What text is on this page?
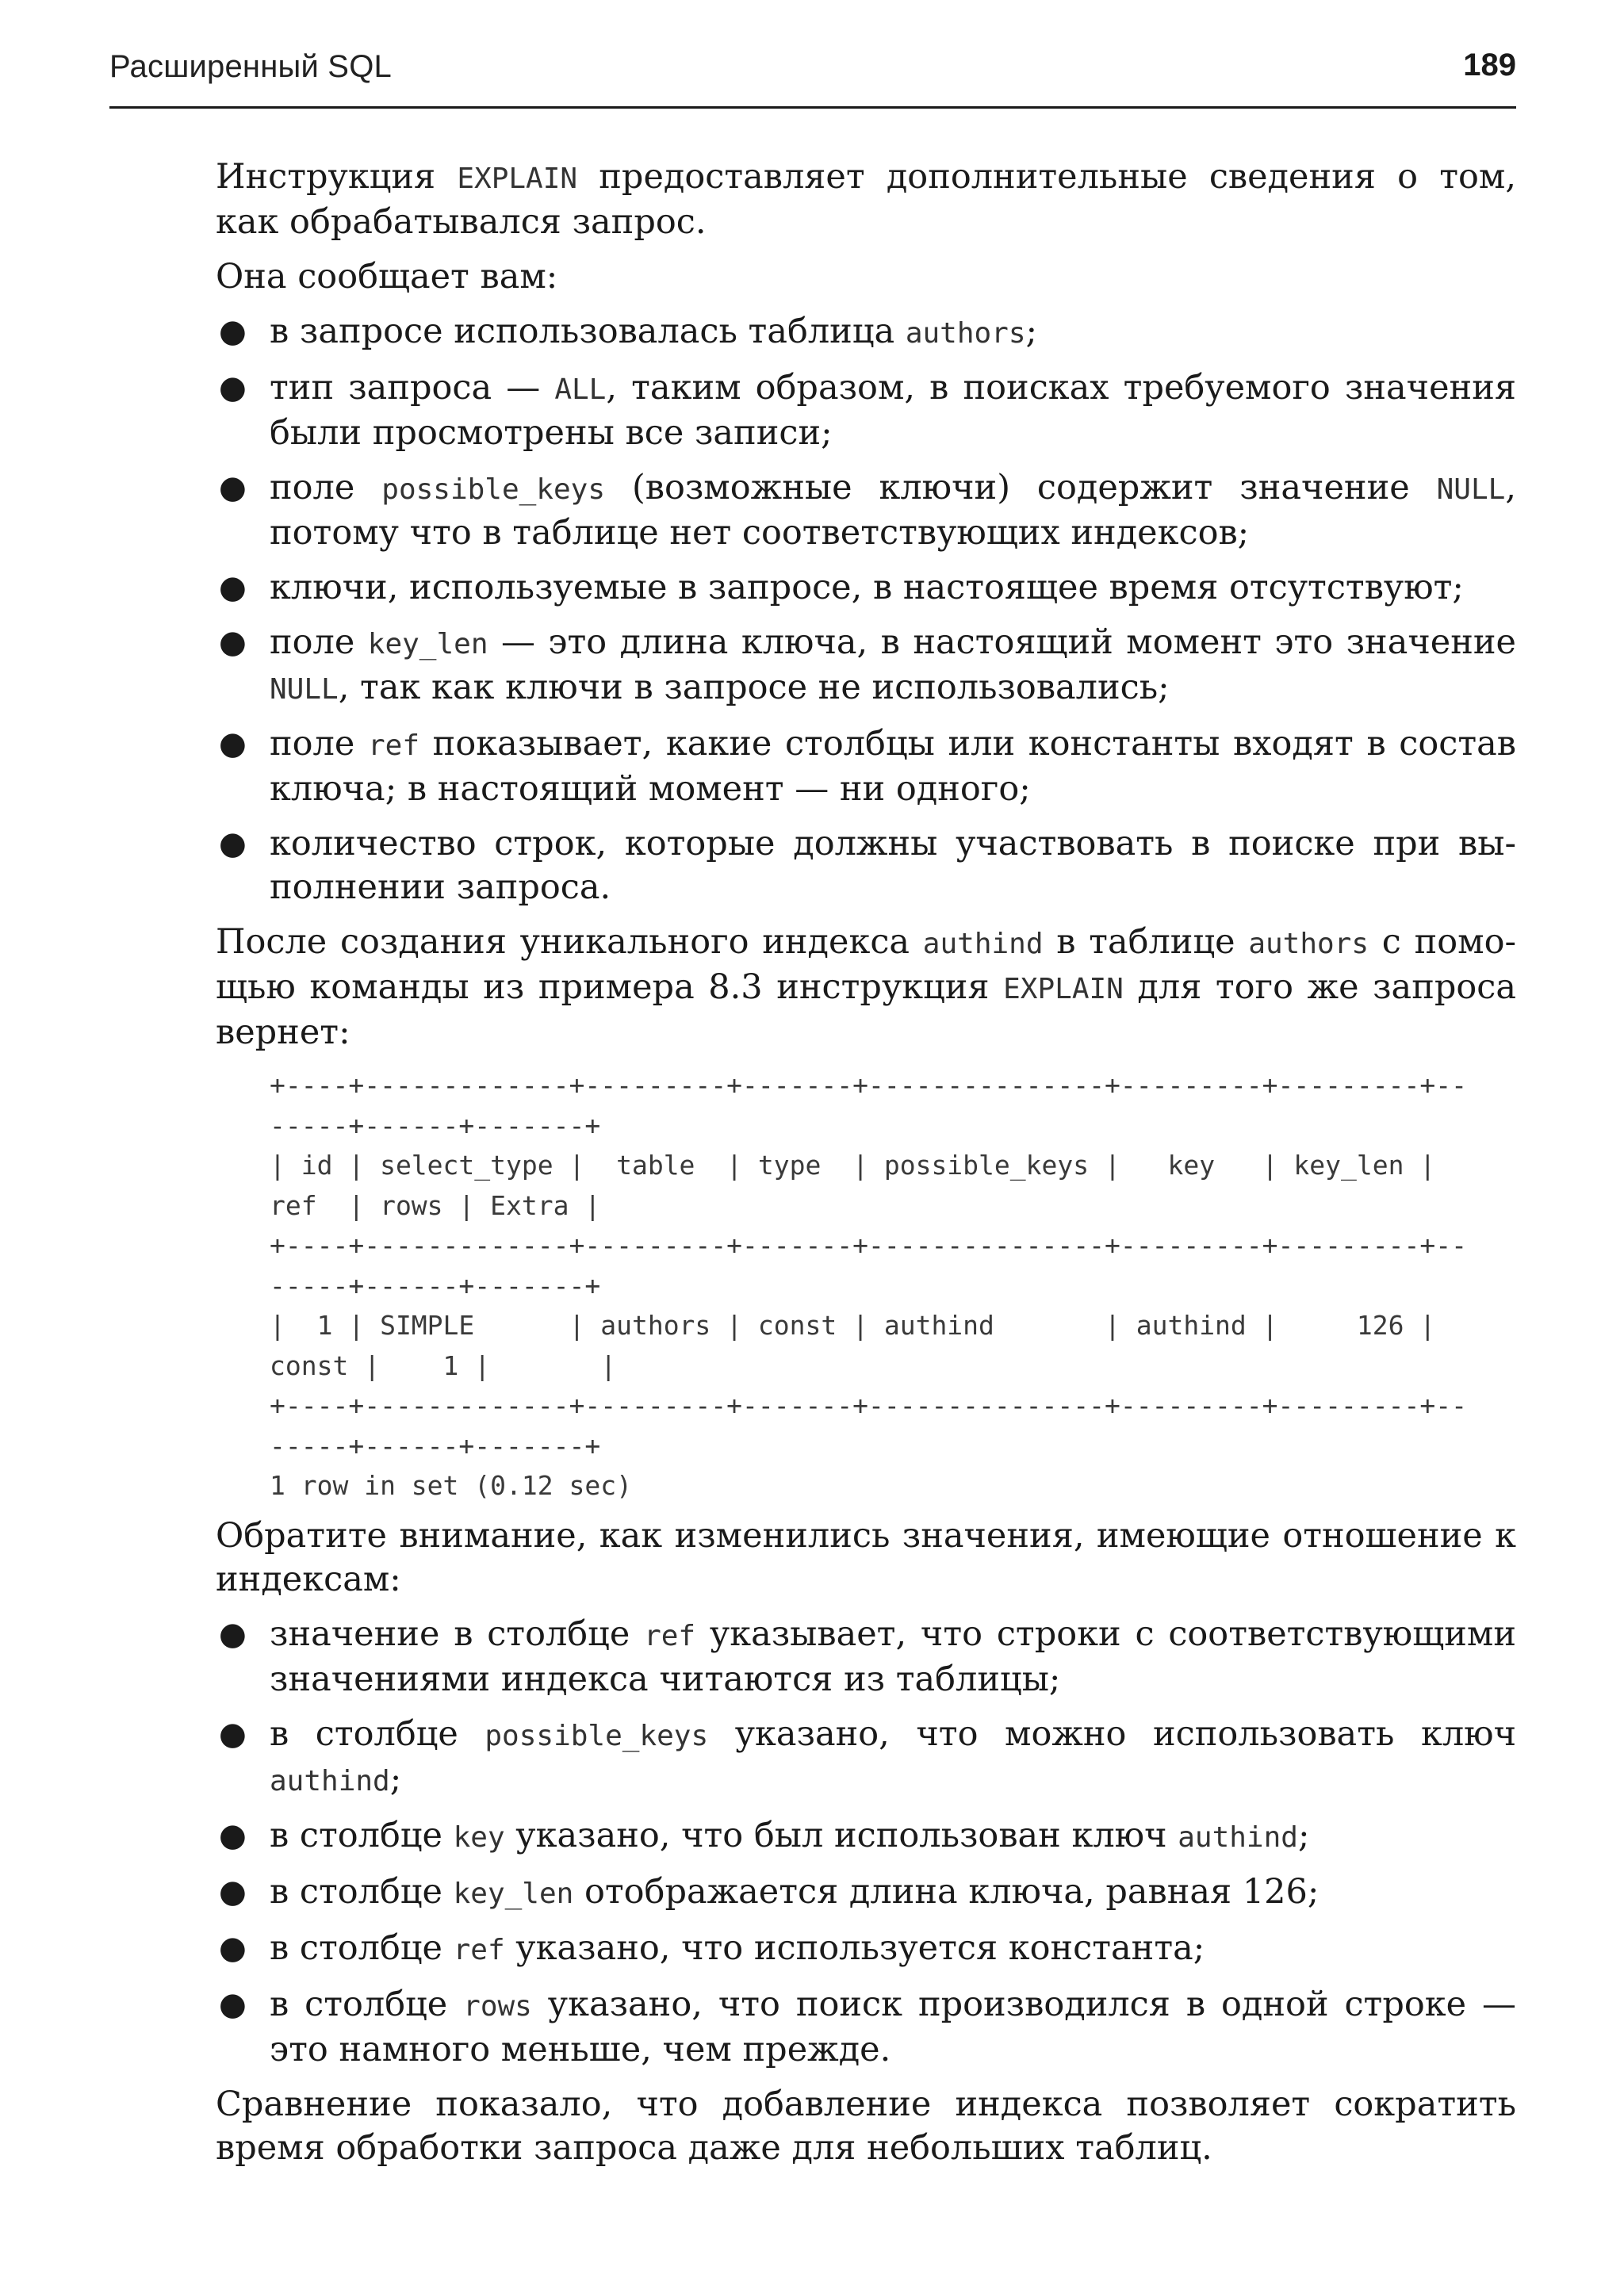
Расширенный SQL	189

Инструкция EXPLAIN предоставляет дополнительные сведения о том, как обрабатывался запрос.

Она сообщает вам:

● в запросе использовалась таблица authors;
● тип запроса — ALL, таким образом, в поисках требуемого значения были просмотрены все записи;
● поле possible_keys (возможные ключи) содержит значение NULL, потому что в таблице нет соответствующих индексов;
● ключи, используемые в запросе, в настоящее время отсутствуют;
● поле key_len — это длина ключа, в настоящий момент это значение NULL, так как ключи в запросе не использовались;
● поле ref показывает, какие столбцы или константы входят в состав ключа; в настоящий момент — ни одного;
● количество строк, которые должны участвовать в поиске при выполнении запроса.

После создания уникального индекса authind в таблице authors с помощью команды из примера 8.3 инструкция EXPLAIN для того же запроса вернет:

+----+-------------+---------+-------+---------------+---------+---------+--
-----+------+-------+
| id | select_type |  table  | type  | possible_keys |   key   | key_len |
ref  | rows | Extra |
+----+-------------+---------+-------+---------------+---------+---------+--
-----+------+-------+
|  1 | SIMPLE      | authors | const | authind       | authind |     126 |
const |    1 |       |
+----+-------------+---------+-------+---------------+---------+---------+--
-----+------+-------+
1 row in set (0.12 sec)

Обратите внимание, как изменились значения, имеющие отношение к индексам:

● значение в столбце ref указывает, что строки с соответствующими значениями индекса читаются из таблицы;
● в столбце possible_keys указано, что можно использовать ключ authind;
● в столбце key указано, что был использован ключ authind;
● в столбце key_len отображается длина ключа, равная 126;
● в столбце ref указано, что используется константа;
● в столбце rows указано, что поиск производился в одной строке — это намного меньше, чем прежде.

Сравнение показало, что добавление индекса позволяет сократить время обработки запроса даже для небольших таблиц.
